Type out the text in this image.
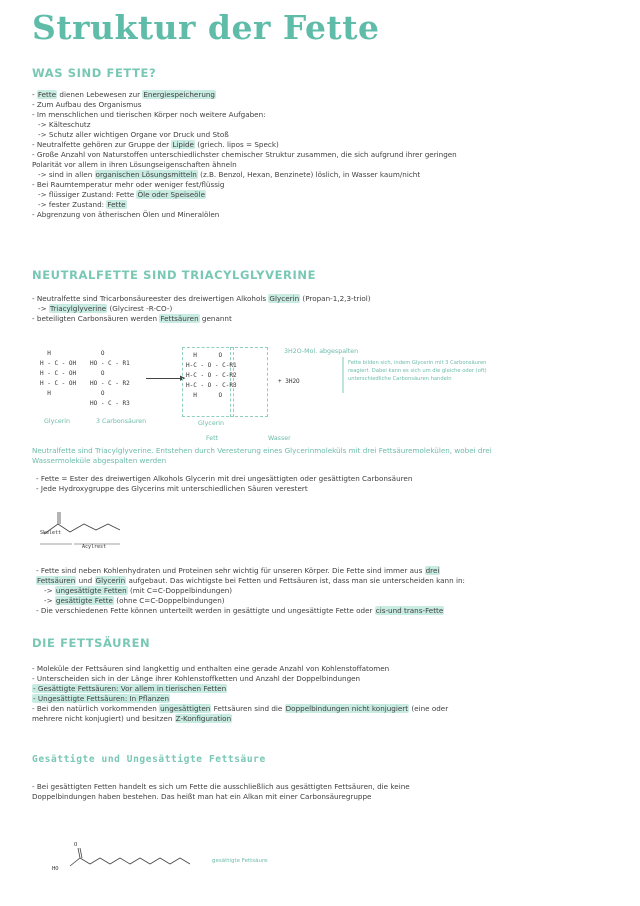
Struktur der Fette
WAS SIND FETTE?
- Fette dienen Lebewesen zur Energiespeicherung
- Zum Aufbau des Organismus
- Im menschlichen und tierischen Körper noch weitere Aufgaben:
-> Kälteschutz
-> Schutz aller wichtigen Organe vor Druck und Stoß
- Neutralfette gehören zur Gruppe der Lipide (griech. lipos = Speck)
- Große Anzahl von Naturstoffen unterschiedlichster chemischer Struktur zusammen, die sich aufgrund ihrer geringen
Polarität vor allem in ihren Lösungseigenschaften ähneln
-> sind in allen organischen Lösungsmitteln (z.B. Benzol, Hexan, Benzinete) löslich, in Wasser kaum/nicht
- Bei Raumtemperatur mehr oder weniger fest/flüssig
-> flüssiger Zustand: Fette Öle oder Speiseöle
-> fester Zustand: Fette
- Abgrenzung von ätherischen Ölen und Mineralölen
NEUTRALFETTE SIND TRIACYLGLYVERINE
- Neutralfette sind Tricarbonsäureester des dreiwertigen Alkohols Glycerin (Propan-1,2,3-triol)
-> Triacylglyverine (Glycirest -R-CO-)
- beteiligten Carbonsäuren werden Fettsäuren genannt
H
H - C - OH
H - C - OH
H - C - OH
H
O
HO - C - R1
O
HO - C - R2
O
HO - C - R3
▶
H      O
H-C - O - C-R1
H-C - O - C-R2
H-C - O - C-R3
H      O
+ 3H2O
3H2O-Mol. abgespalten
Glycerin	3 Carbonsäuren	Glycerin
Fett	Wasser
Fette bilden sich, indem Glycerin mit 3 Carbonsäuren
reagiert. Dabei kann es sich um die gleiche oder (oft)
unterschiedliche Carbonsäuren handeln
Neutralfette sind Triacylglyverine. Entstehen durch Veresterung eines Glycerinmoleküls mit drei Fettsäuremolekülen, wobei drei
Wassermoleküle abgespalten werden
- Fette = Ester des dreiwertigen Alkohols Glycerin mit drei ungesättigten oder gesättigten Carbonsäuren
- Jede Hydroxygruppe des Glycerins mit unterschiedlichen Säuren verestert
Skelett
Acylrest
- Fette sind neben Kohlenhydraten und Proteinen sehr wichtig für unseren Körper. Die Fette sind immer aus drei
Fettsäuren und Glycerin aufgebaut. Das wichtigste bei Fetten und Fettsäuren ist, dass man sie unterscheiden kann in:
-> ungesättigte Fetten (mit C=C-Doppelbindungen)
-> gesättigte Fette (ohne C=C-Doppelbindungen)
- Die verschiedenen Fette können unterteilt werden in gesättigte und ungesättigte Fette oder cis-und trans-Fette
DIE FETTSÄUREN
- Moleküle der Fettsäuren sind langkettig und enthalten eine gerade Anzahl von Kohlenstoffatomen
- Unterscheiden sich in der Länge ihrer Kohlenstoffketten und Anzahl der Doppelbindungen
- Gesättigte Fettsäuren: Vor allem in tierischen Fetten
- Ungesättigte Fettsäuren: In Pflanzen
- Bei den natürlich vorkommenden ungesättigten Fettsäuren sind die Doppelbindungen nicht konjugiert (eine oder
mehrere nicht konjugiert) und besitzen Z-Konfiguration
Gesättigte und Ungesättigte Fettsäure
- Bei gesättigten Fetten handelt es sich um Fette die ausschließlich aus gesättigten Fettsäuren, die keine
Doppelbindungen haben bestehen. Das heißt man hat ein Alkan mit einer Carbonsäuregruppe
O
HO
gesättigte Fettsäure
